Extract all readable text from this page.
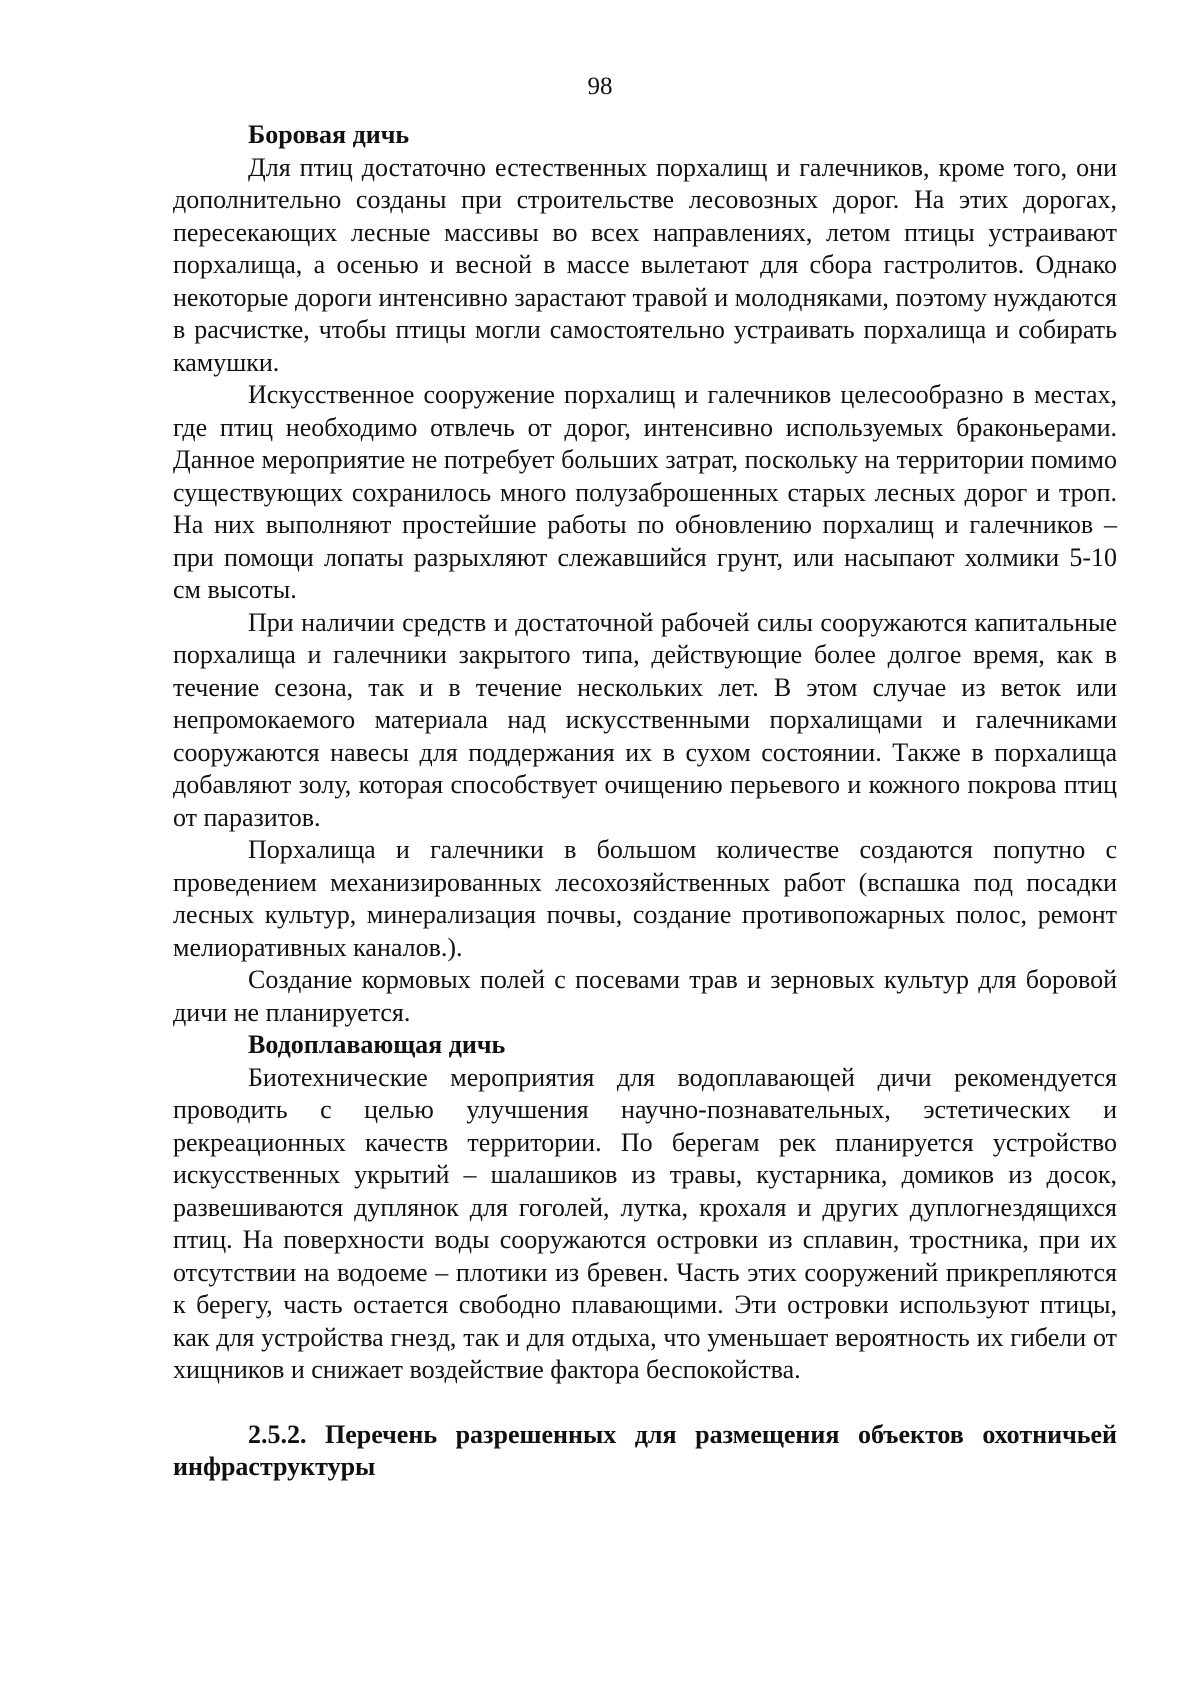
98

Боровая дичь

Для птиц достаточно естественных порхалищ и галечников, кроме того, они дополнительно созданы при строительстве лесовозных дорог. На этих дорогах, пересекающих лесные массивы во всех направлениях, летом птицы устраивают порхалища, а осенью и весной в массе вылетают для сбора гастролитов. Однако некоторые дороги интенсивно зарастают травой и молодняками, поэтому нуждаются в расчистке, чтобы птицы могли самостоятельно устраивать порхалища и собирать камушки.

Искусственное сооружение порхалищ и галечников целесообразно в местах, где птиц необходимо отвлечь от дорог, интенсивно используемых браконьерами. Данное мероприятие не потребует больших затрат, поскольку на территории помимо существующих сохранилось много полузаброшенных старых лесных дорог и троп. На них выполняют простейшие работы по обновлению порхалищ и галечников – при помощи лопаты разрыхляют слежавшийся грунт, или насыпают холмики 5-10 см высоты.

При наличии средств и достаточной рабочей силы сооружаются капитальные порхалища и галечники закрытого типа, действующие более долгое время, как в течение сезона, так и в течение нескольких лет. В этом случае из веток или непромокаемого материала над искусственными порхалищами и галечниками сооружаются навесы для поддержания их в сухом состоянии. Также в порхалища добавляют золу, которая способствует очищению перьевого и кожного покрова птиц от паразитов.

Порхалища и галечники в большом количестве создаются попутно с проведением механизированных лесохозяйственных работ (вспашка под посадки лесных культур, минерализация почвы, создание противопожарных полос, ремонт мелиоративных каналов.).

Создание кормовых полей с посевами трав и зерновых культур для боровой дичи не планируется.

Водоплавающая дичь

Биотехнические мероприятия для водоплавающей дичи рекомендуется проводить с целью улучшения научно-познавательных, эстетических и рекреационных качеств территории. По берегам рек планируется устройство искусственных укрытий – шалашиков из травы, кустарника, домиков из досок, развешиваются дуплянок для гоголей, лутка, крохаля и других дуплогнездящихся птиц. На поверхности воды сооружаются островки из сплавин, тростника, при их отсутствии на водоеме – плотики из бревен. Часть этих сооружений прикрепляются к берегу, часть остается свободно плавающими. Эти островки используют птицы, как для устройства гнезд, так и для отдыха, что уменьшает вероятность их гибели от хищников и снижает воздействие фактора беспокойства.

2.5.2. Перечень разрешенных для размещения объектов охотничьей инфраструктуры
